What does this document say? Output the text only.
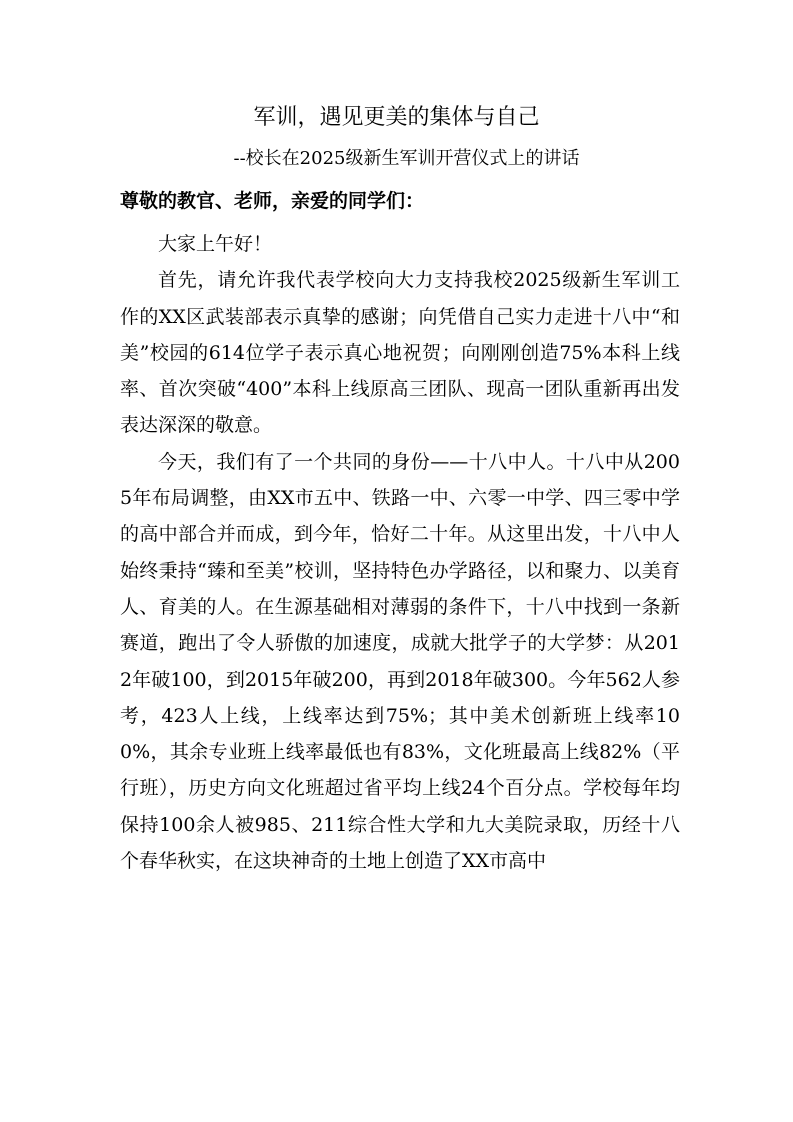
军训，遇见更美的集体与自己
--校长在2025级新生军训开营仪式上的讲话
尊敬的教官、老师，亲爱的同学们：

大家上午好！

首先，请允许我代表学校向大力支持我校2025级新生军训工作的XX区武装部表示真挚的感谢；向凭借自己实力走进十八中“和美”校园的614位学子表示真心地祝贺；向刚刚创造75%本科上线率、首次突破“400”本科上线原高三团队、现高一团队重新再出发表达深深的敬意。

今天，我们有了一个共同的身份——十八中人。十八中从2005年布局调整，由XX市五中、铁路一中、六零一中学、四三零中学的高中部合并而成，到今年，恰好二十年。从这里出发，十八中人始终秉持“臻和至美”校训，坚持特色办学路径，以和聚力、以美育人、育美的人。在生源基础相对薄弱的条件下，十八中找到一条新赛道，跑出了令人骄傲的加速度，成就大批学子的大学梦：从2012年破100，到2015年破200，再到2018年破300。今年562人参考，423人上线，上线率达到75%；其中美术创新班上线率100%，其余专业班上线率最低也有83%，文化班最高上线82%（平行班），历史方向文化班超过省平均上线24个百分点。学校每年均保持100余人被985、211综合性大学和九大美院录取，历经十八个春华秋实，在这块神奇的土地上创造了XX市高中
